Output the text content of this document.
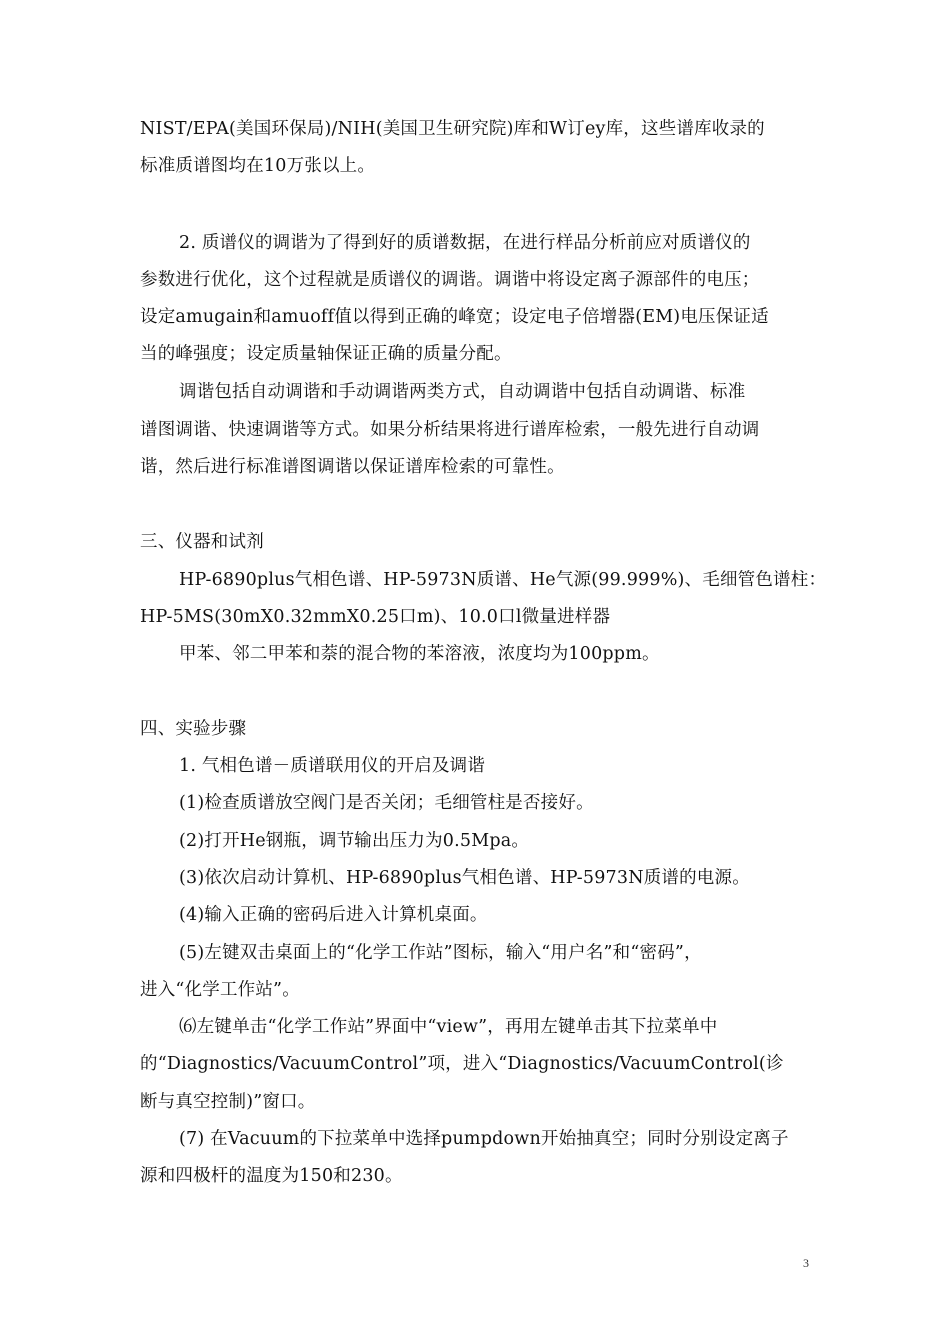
NIST/EPA(美国环保局)/NIH(美国卫生研究院)库和W订ey库，这些谱库收录的
标准质谱图均在10万张以上。
2. 质谱仪的调谐为了得到好的质谱数据，在进行样品分析前应对质谱仪的
参数进行优化，这个过程就是质谱仪的调谐。调谐中将设定离子源部件的电压；
设定amugain和amuoff值以得到正确的峰宽；设定电子倍增器(EM)电压保证适
当的峰强度；设定质量轴保证正确的质量分配。
调谐包括自动调谐和手动调谐两类方式，自动调谐中包括自动调谐、标准
谱图调谐、快速调谐等方式。如果分析结果将进行谱库检索，一般先进行自动调
谐，然后进行标准谱图调谐以保证谱库检索的可靠性。
三、仪器和试剂
HP-6890plus气相色谱、HP-5973N质谱、He气源(99.999%)、毛细管色谱柱：
HP-5MS(30mX0.32mmX0.25口m)、10.0口l微量进样器
甲苯、邻二甲苯和萘的混合物的苯溶液，浓度均为100ppm。
四、实验步骤
1. 气相色谱－质谱联用仪的开启及调谐
(1)检查质谱放空阀门是否关闭；毛细管柱是否接好。
(2)打开He钢瓶，调节输出压力为0.5Mpa。
(3)依次启动计算机、HP-6890plus气相色谱、HP-5973N质谱的电源。
(4)输入正确的密码后进入计算机桌面。
(5)左键双击桌面上的“化学工作站”图标，输入“用户名”和“密码”，
进入“化学工作站”。
⑹左键单击“化学工作站”界面中“view”，再用左键单击其下拉菜单中
的“Diagnostics/VacuumControl”项，进入“Diagnostics/VacuumControl(诊
断与真空控制)”窗口。
(7) 在Vacuum的下拉菜单中选择pumpdown开始抽真空；同时分别设定离子
源和四极杆的温度为150和230。
3
